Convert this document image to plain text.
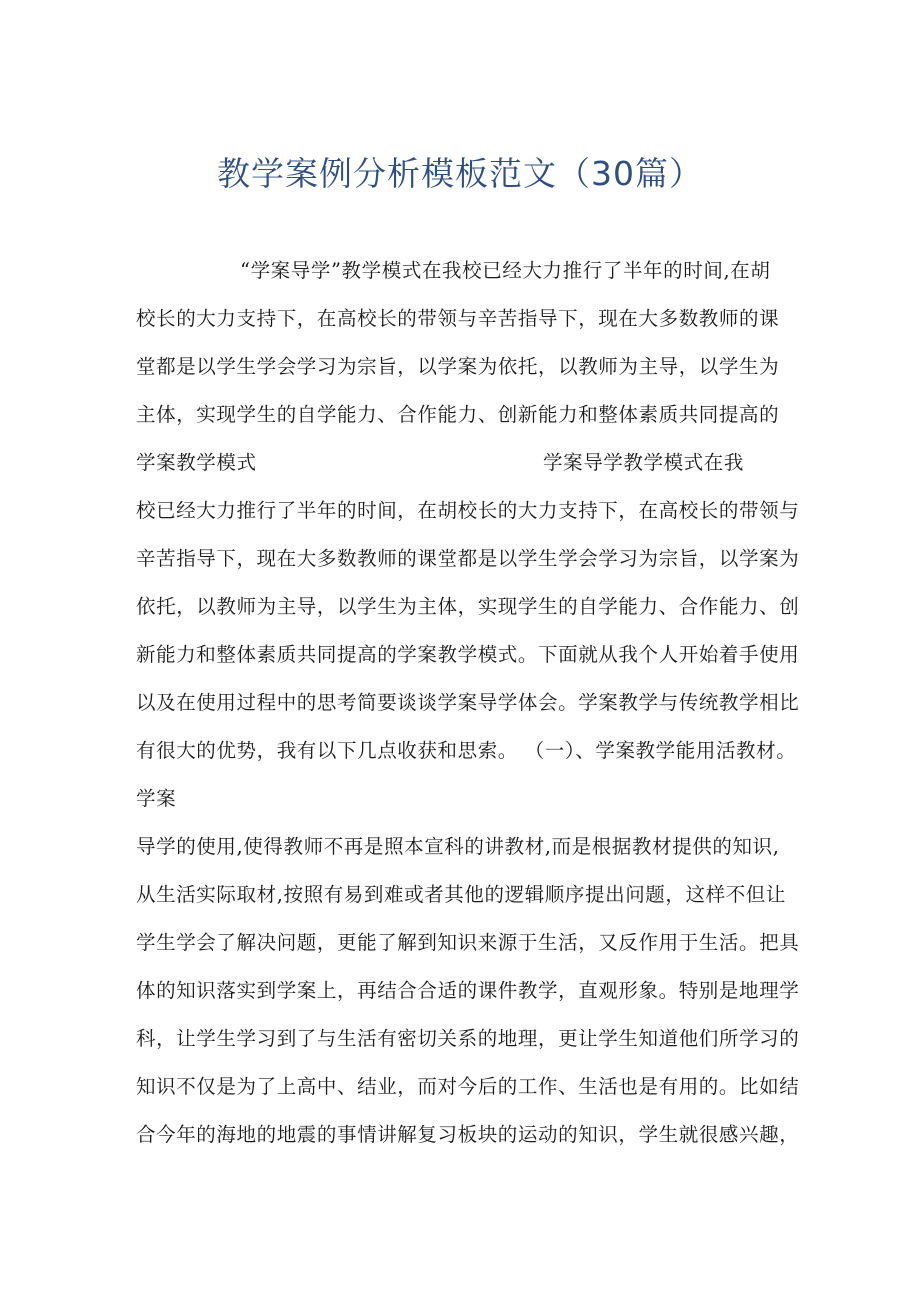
教学案例分析模板范文（30篇）
“学案导学”教学模式在我校已经大力推行了半年的时间,在胡
校长的大力支持下，在高校长的带领与辛苦指导下，现在大多数教师的课
堂都是以学生学会学习为宗旨，以学案为依托，以教师为主导，以学生为
主体，实现学生的自学能力、合作能力、创新能力和整体素质共同提高的
学案教学模式	学案导学教学模式在我
校已经大力推行了半年的时间，在胡校长的大力支持下，在高校长的带领与
辛苦指导下，现在大多数教师的课堂都是以学生学会学习为宗旨，以学案为
依托，以教师为主导，以学生为主体，实现学生的自学能力、合作能力、创
新能力和整体素质共同提高的学案教学模式。下面就从我个人开始着手使用
以及在使用过程中的思考简要谈谈学案导学体会。学案教学与传统教学相比
有很大的优势，我有以下几点收获和思索。 （一）、学案教学能用活教材。
学案
导学的使用,使得教师不再是照本宣科的讲教材,而是根据教材提供的知识,
从生活实际取材,按照有易到难或者其他的逻辑顺序提出问题，这样不但让
学生学会了解决问题，更能了解到知识来源于生活，又反作用于生活。把具
体的知识落实到学案上，再结合合适的课件教学，直观形象。特别是地理学
科，让学生学习到了与生活有密切关系的地理，更让学生知道他们所学习的
知识不仅是为了上高中、结业，而对今后的工作、生活也是有用的。比如结
合今年的海地的地震的事情讲解复习板块的运动的知识，学生就很感兴趣，
